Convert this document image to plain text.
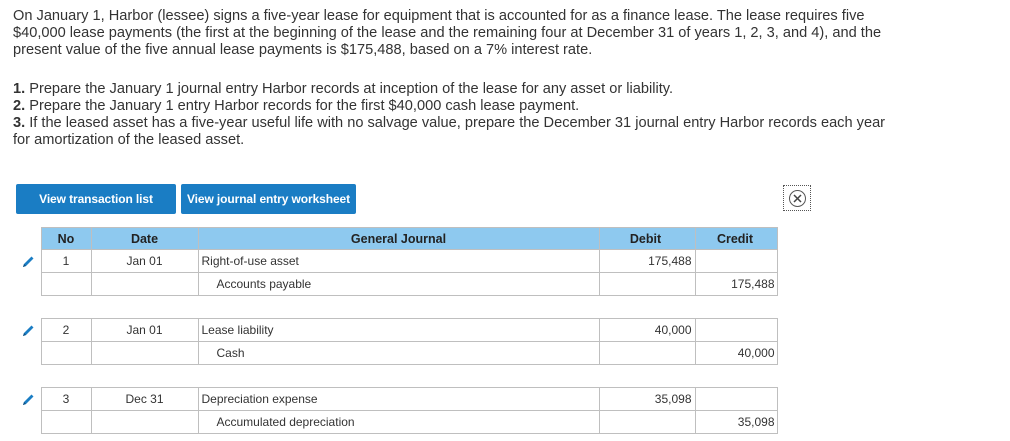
On January 1, Harbor (lessee) signs a five-year lease for equipment that is accounted for as a finance lease. The lease requires five

$40,000 lease payments (the first at the beginning of the lease and the remaining four at December 31 of years 1, 2, 3, and 4), and the

present value of the five annual lease payments is $175,488, based on a 7% interest rate.

1. Prepare the January 1 journal entry Harbor records at inception of the lease for any asset or liability.

2. Prepare the January 1 entry Harbor records for the first $40,000 cash lease payment.

3. If the leased asset has a five-year useful life with no salvage value, prepare the December 31 journal entry Harbor records each year

for amortization of the leased asset.

View transaction list	View journal entry worksheet
	No	Date	General Journal	Debit	Credit
	1	Jan 01	Right-of-use asset	175,488	
			Accounts payable		175,488

	2	Jan 01	Lease liability	40,000	
			Cash		40,000

	3	Dec 31	Depreciation expense	35,098	
			Accumulated depreciation		35,098
